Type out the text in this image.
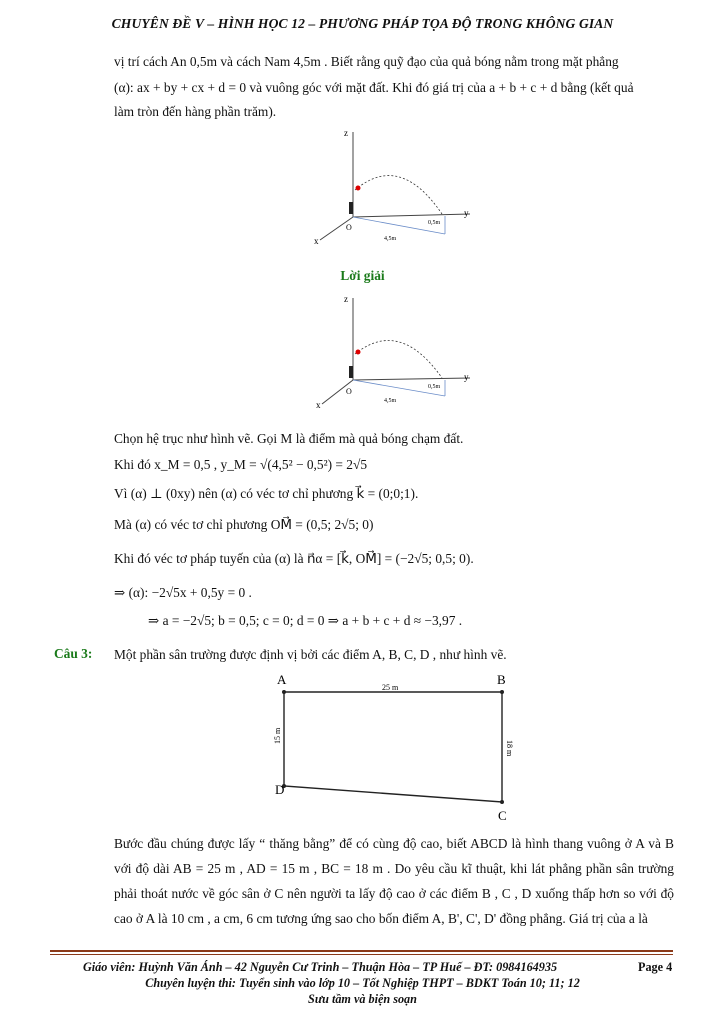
CHUYÊN ĐỀ V – HÌNH HỌC 12 – PHƯƠNG PHÁP TỌA ĐỘ TRONG KHÔNG GIAN
vị trí cách An 0,5m và cách Nam 4,5m . Biết rằng quỹ đạo của quả bóng nằm trong mặt phẳng
(α): ax + by + cx + d = 0 và vuông góc với mặt đất. Khi đó giá trị của a + b + c + d bằng (kết quả
làm tròn đến hàng phần trăm).
z
y
x
O
4,5m
0,5m
Lời giải
z
y
x
O
4,5m
0,5m
Chọn hệ trục như hình vẽ. Gọi M là điểm mà quả bóng chạm đất.
Khi đó x_M = 0,5 , y_M = √(4,5² − 0,5²) = 2√5
Vì (α) ⊥ (0xy) nên (α) có véc tơ chỉ phương k⃗ = (0;0;1).
Mà (α) có véc tơ chỉ phương OM⃗ = (0,5; 2√5; 0)
Khi đó véc tơ pháp tuyến của (α) là n⃗α = [k⃗, OM⃗] = (−2√5; 0,5; 0).
⇒ (α): −2√5x + 0,5y = 0 .
⇒ a = −2√5; b = 0,5; c = 0; d = 0 ⇒ a + b + c + d ≈ −3,97 .
Câu 3: Một phần sân trường được định vị bởi các điểm A, B, C, D , như hình vẽ.
A	B
C
D
25 m
15 m
18 m
Bước đầu chúng được lấy “ thăng bằng” để có cùng độ cao, biết ABCD là hình thang vuông ở A và B với độ dài AB = 25 m , AD = 15 m , BC = 18 m . Do yêu cầu kĩ thuật, khi lát phẳng phần sân trường phải thoát nước về góc sân ở C nên người ta lấy độ cao ở các điểm B , C , D xuống thấp hơn so với độ cao ở A là 10 cm , a cm, 6 cm tương ứng sao cho bốn điểm A, B', C', D' đồng phẳng. Giá trị của a là
Giáo viên: Huỳnh Văn Ánh – 42 Nguyễn Cư Trinh – Thuận Hòa – TP Huế – ĐT: 0984164935	Page 4
Chuyên luyện thi: Tuyển sinh vào lớp 10 – Tốt Nghiệp THPT – BDKT Toán 10; 11; 12
Sưu tầm và biện soạn
